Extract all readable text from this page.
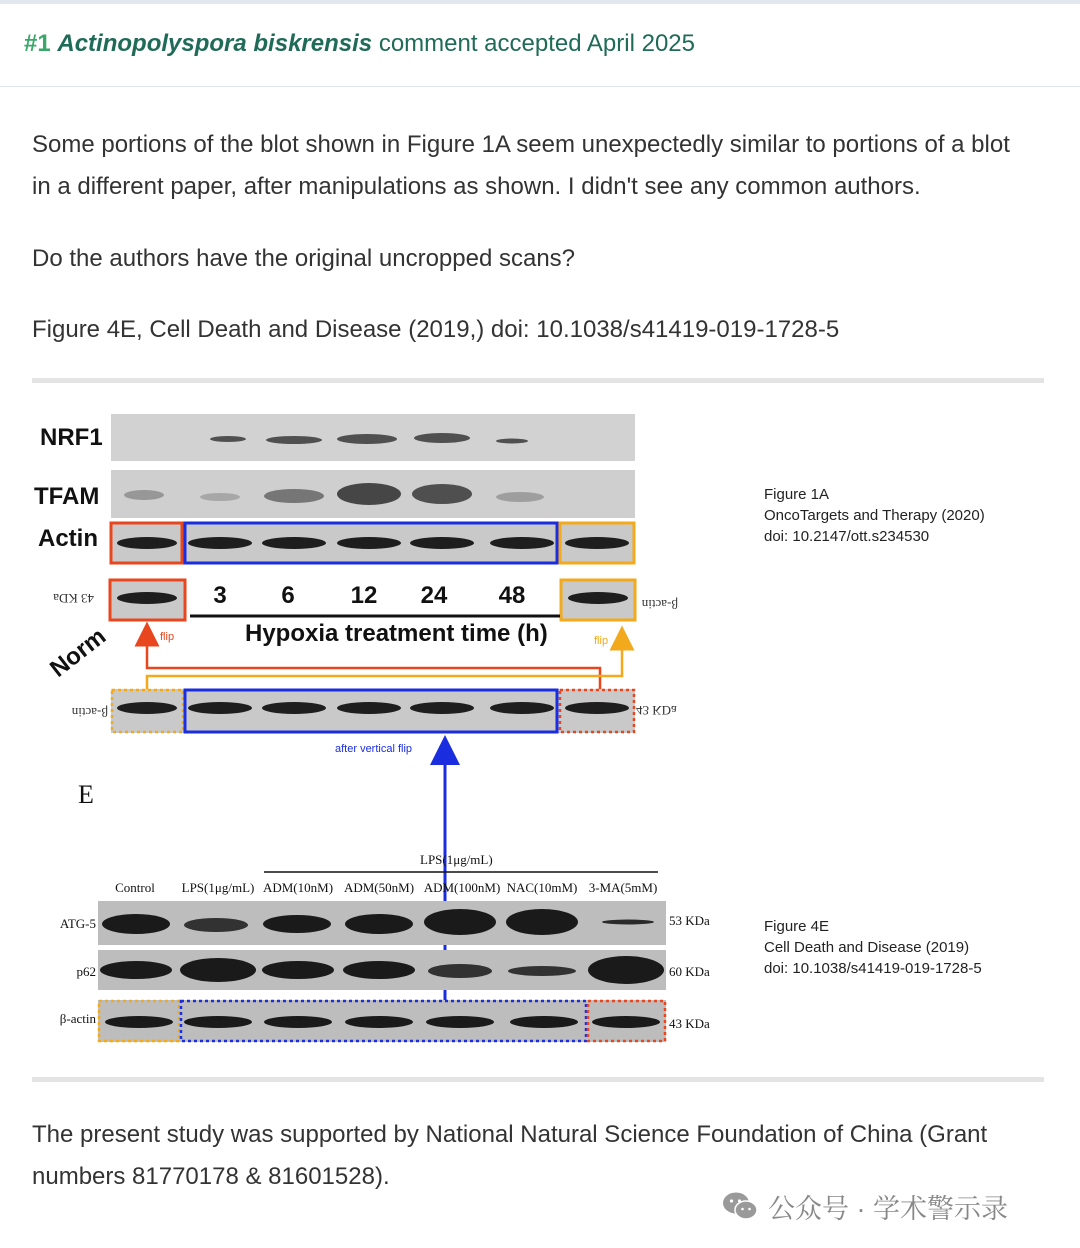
#1 Actinopolyspora biskrensis comment accepted April 2025
Some portions of the blot shown in Figure 1A seem unexpectedly similar to portions of a blot in a different paper, after manipulations as shown. I didn't see any common authors.
Do the authors have the original uncropped scans?
Figure 4E, Cell Death and Disease (2019,) doi: 10.1038/s41419-019-1728-5
NRF1
TFAM
Actin
43 KDa	β-actin
3 6 12 24 48
Hypoxia treatment time (h)
Norm	flip	flip
β-actin	43 KDa
after vertical flip
Figure 1A
OncoTargets and Therapy (2020)
doi: 10.2147/ott.s234530
E
LPS(1μg/mL)
Control LPS(1μg/mL) ADM(10nM) ADM(50nM) ADM(100nM) NAC(10mM) 3-MA(5mM)
ATG-5	53 KDa
p62	60 KDa
β-actin	43 KDa
Figure 4E
Cell Death and Disease (2019)
doi: 10.1038/s41419-019-1728-5
The present study was supported by National Natural Science Foundation of China (Grant numbers 81770178 & 81601528).
公众号 · 学术警示录
